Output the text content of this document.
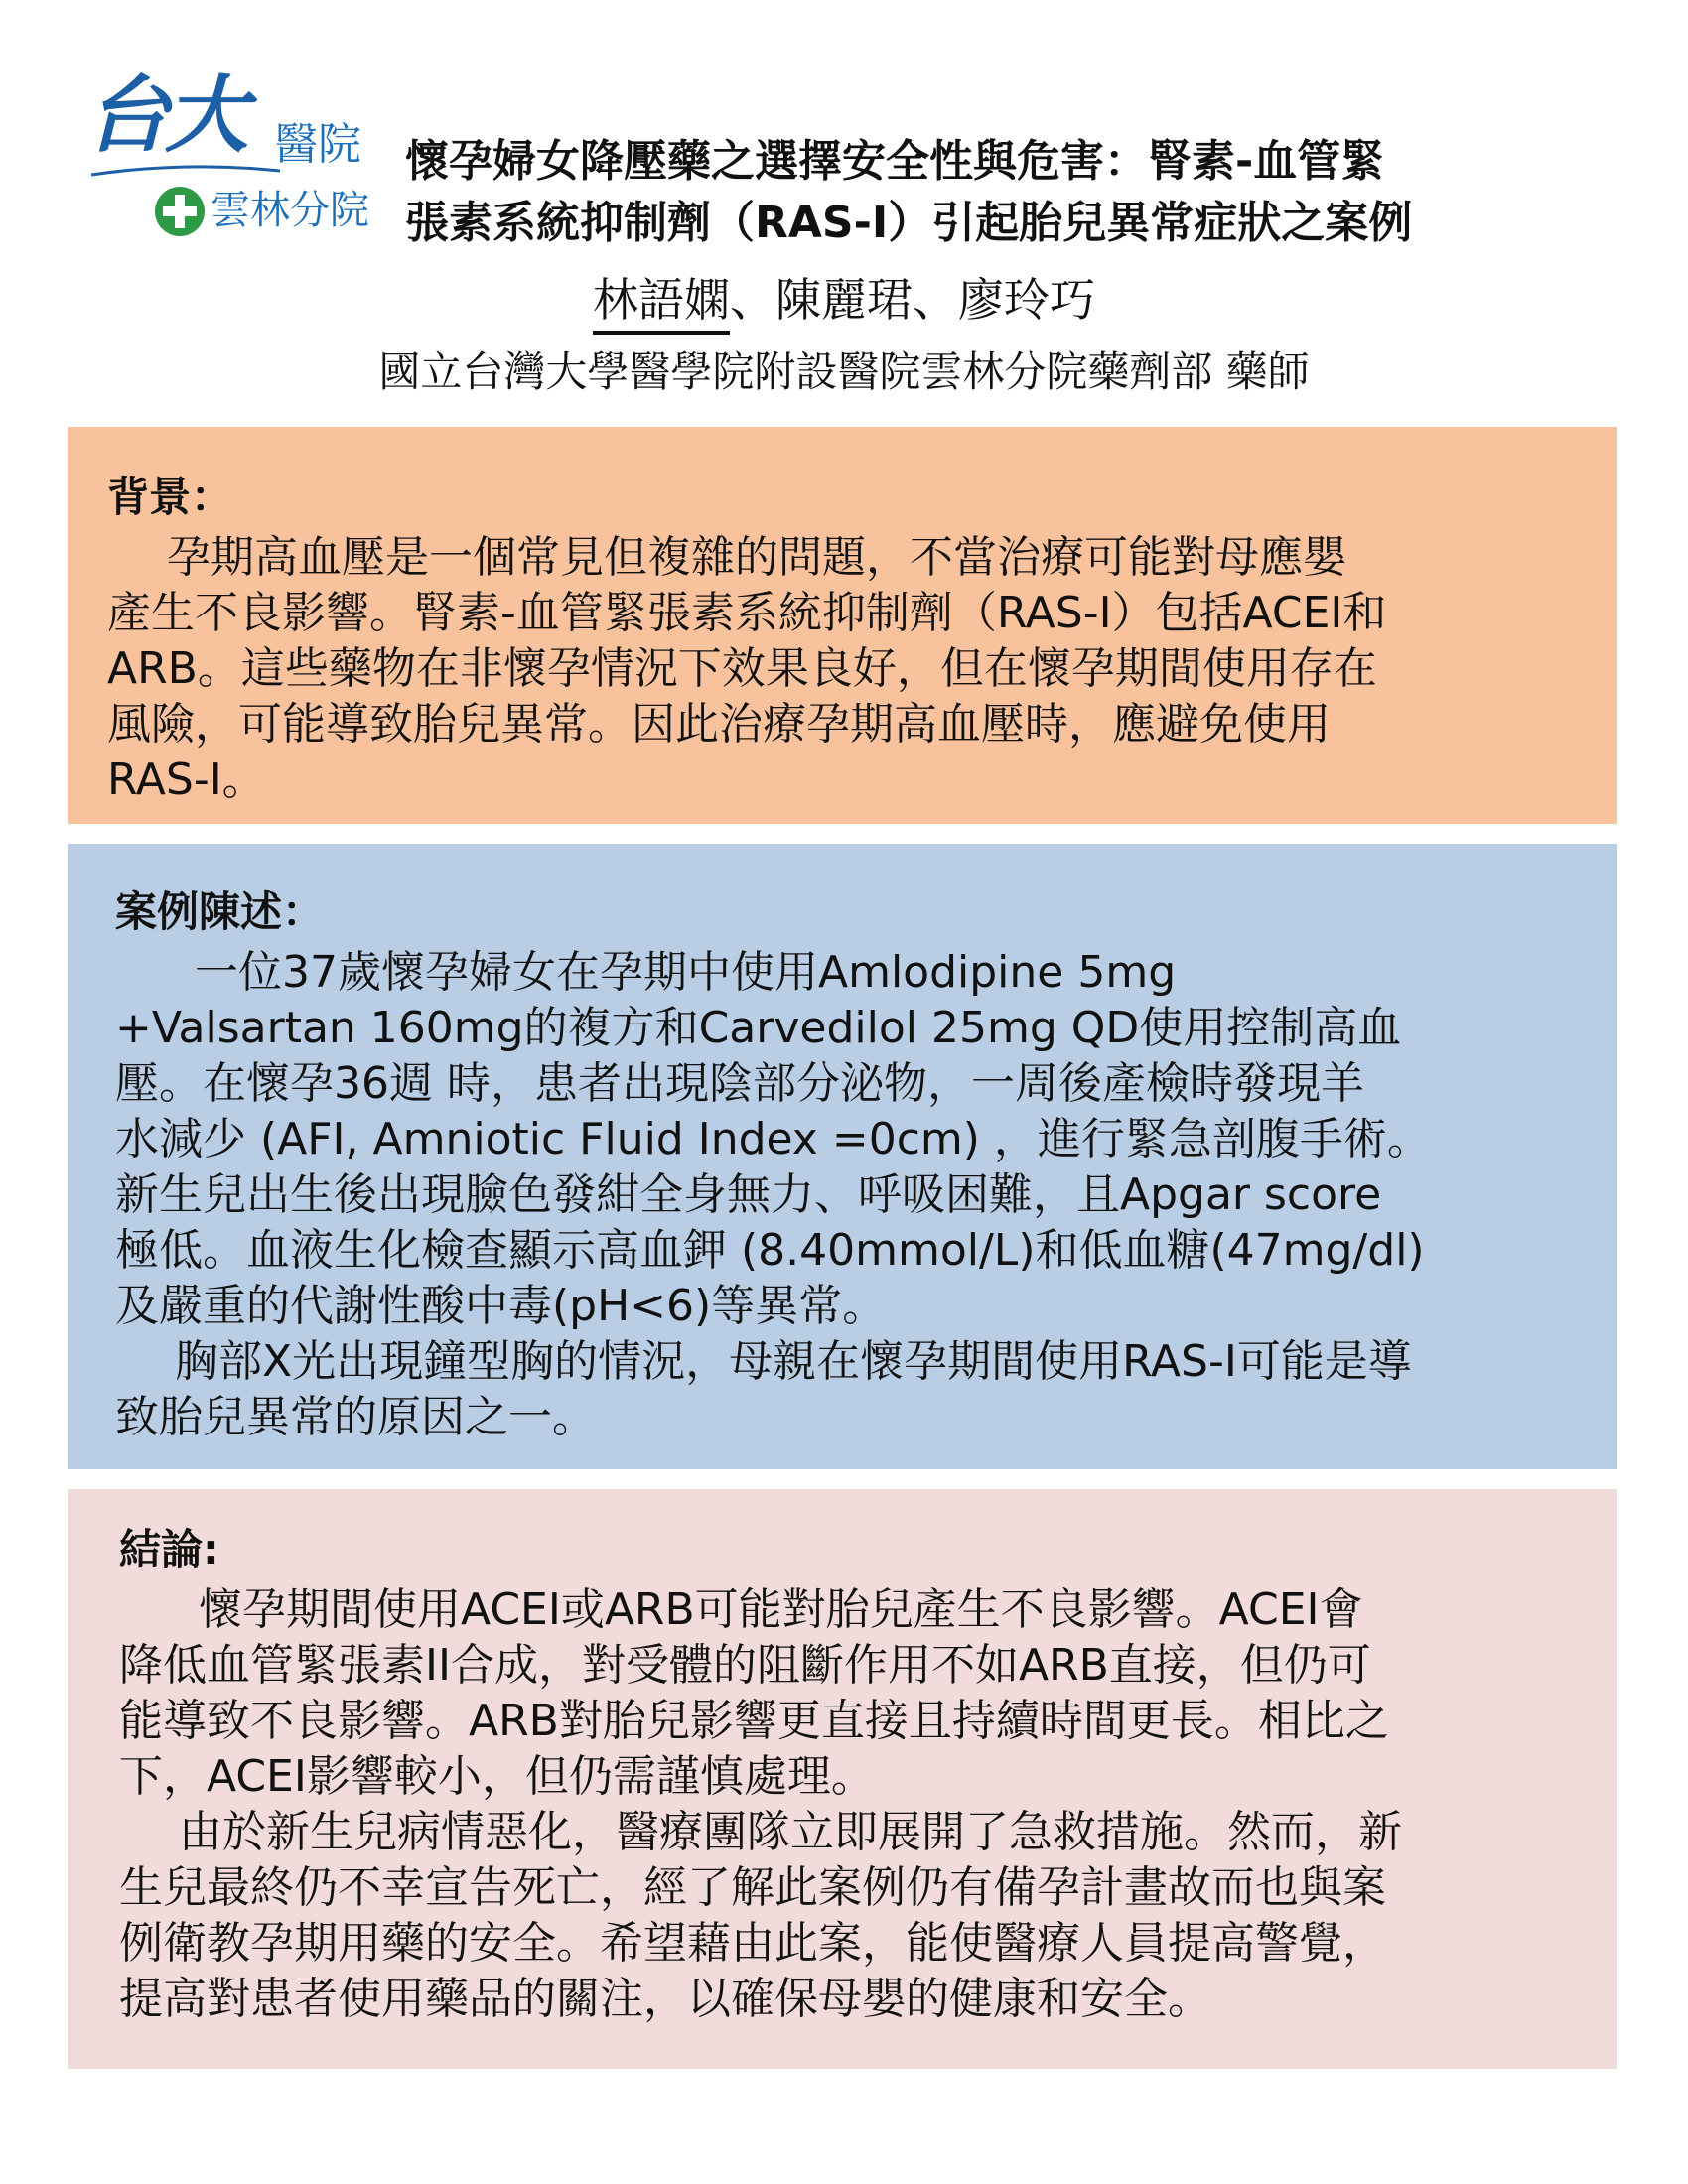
台大 醫院
雲林分院
懷孕婦女降壓藥之選擇安全性與危害：腎素-血管緊
張素系統抑制劑（RAS-I）引起胎兒異常症狀之案例
林語嫻、陳麗珺、廖玲巧
國立台灣大學醫學院附設醫院雲林分院藥劑部 藥師
背景：
孕期高血壓是一個常見但複雜的問題，不當治療可能對母應嬰
產生不良影響。腎素-血管緊張素系統抑制劑（RAS-I）包括ACEI和
ARB。這些藥物在非懷孕情況下效果良好，但在懷孕期間使用存在
風險，可能導致胎兒異常。因此治療孕期高血壓時，應避免使用
RAS-I。
案例陳述：
一位37歲懷孕婦女在孕期中使用Amlodipine 5mg
+Valsartan 160mg的複方和Carvedilol 25mg QD使用控制高血
壓。在懷孕36週 時，患者出現陰部分泌物，一周後產檢時發現羊
水減少 (AFI, Amniotic Fluid Index =0cm) ，進行緊急剖腹手術。
新生兒出生後出現臉色發紺全身無力、呼吸困難，且Apgar score
極低。血液生化檢查顯示高血鉀 (8.40mmol/L)和低血糖(47mg/dl)
及嚴重的代謝性酸中毒(pH<6)等異常。
胸部X光出現鐘型胸的情況，母親在懷孕期間使用RAS-I可能是導
致胎兒異常的原因之一。
結論:
懷孕期間使用ACEI或ARB可能對胎兒產生不良影響。ACEI會
降低血管緊張素II合成，對受體的阻斷作用不如ARB直接，但仍可
能導致不良影響。ARB對胎兒影響更直接且持續時間更長。相比之
下，ACEI影響較小，但仍需謹慎處理。
由於新生兒病情惡化，醫療團隊立即展開了急救措施。然而，新
生兒最終仍不幸宣告死亡，經了解此案例仍有備孕計畫故而也與案
例衛教孕期用藥的安全。希望藉由此案，能使醫療人員提高警覺，
提高對患者使用藥品的關注，以確保母嬰的健康和安全。
